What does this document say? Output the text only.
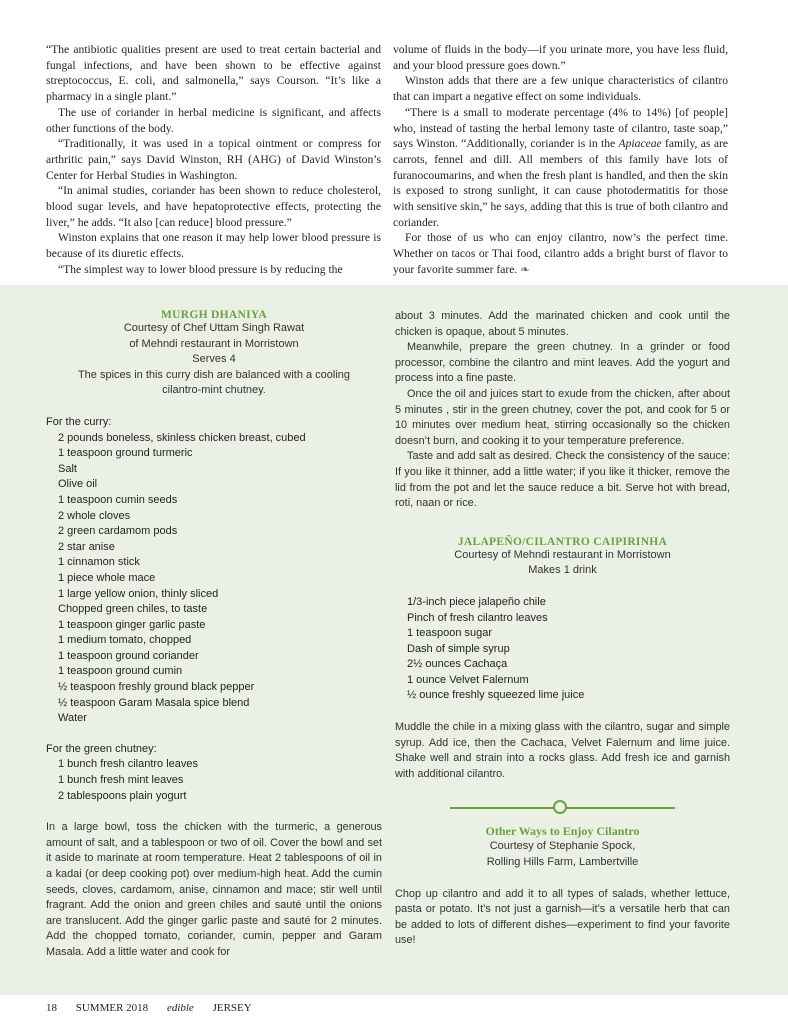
“The antibiotic qualities present are used to treat certain bacterial and fungal infections, and have been shown to be effective against streptococcus, E. coli, and salmonella,” says Courson. “It’s like a pharmacy in a single plant.”

The use of coriander in herbal medicine is significant, and affects other functions of the body.

“Traditionally, it was used in a topical ointment or compress for arthritic pain,” says David Winston, RH (AHG) of David Winston’s Center for Herbal Studies in Washington.

“In animal studies, coriander has been shown to reduce cholesterol, blood sugar levels, and have hepatoprotective effects, protecting the liver,” he adds. “It also [can reduce] blood pressure.”

Winston explains that one reason it may help lower blood pressure is because of its diuretic effects.

“The simplest way to lower blood pressure is by reducing the

volume of fluids in the body—if you urinate more, you have less fluid, and your blood pressure goes down.”

Winston adds that there are a few unique characteristics of cilantro that can impart a negative effect on some individuals.

“There is a small to moderate percentage (4% to 14%) [of people] who, instead of tasting the herbal lemony taste of cilantro, taste soap,” says Winston. “Additionally, coriander is in the Apiaceae family, as are carrots, fennel and dill. All members of this family have lots of furanocoumarins, and when the fresh plant is handled, and then the skin is exposed to strong sunlight, it can cause photodermatitis for those with sensitive skin,” he says, adding that this is true of both cilantro and coriander.

For those of us who can enjoy cilantro, now’s the perfect time. Whether on tacos or Thai food, cilantro adds a bright burst of flavor to your favorite summer fare. ❧

MURGH DHANIYA

Courtesy of Chef Uttam Singh Rawat

of Mehndi restaurant in Morristown

Serves 4

The spices in this curry dish are balanced with a cooling cilantro-mint chutney.

For the curry:

2 pounds boneless, skinless chicken breast, cubed
1 teaspoon ground turmeric
Salt
Olive oil
1 teaspoon cumin seeds
2 whole cloves
2 green cardamom pods
2 star anise
1 cinnamon stick
1 piece whole mace
1 large yellow onion, thinly sliced
Chopped green chiles, to taste
1 teaspoon ginger garlic paste
1 medium tomato, chopped
1 teaspoon ground coriander
1 teaspoon ground cumin
½ teaspoon freshly ground black pepper
½ teaspoon Garam Masala spice blend
Water

For the green chutney:

1 bunch fresh cilantro leaves
1 bunch fresh mint leaves
2 tablespoons plain yogurt

In a large bowl, toss the chicken with the turmeric, a generous amount of salt, and a tablespoon or two of oil. Cover the bowl and set it aside to marinate at room temperature. Heat 2 tablespoons of oil in a kadai (or deep cooking pot) over medium-high heat. Add the cumin seeds, cloves, cardamom, anise, cinnamon and mace; stir well until fragrant. Add the onion and green chiles and sauté until the onions are translucent. Add the ginger garlic paste and sauté for 2 minutes. Add the chopped tomato, coriander, cumin, pepper and Garam Masala. Add a little water and cook for

about 3 minutes. Add the marinated chicken and cook until the chicken is opaque, about 5 minutes.

Meanwhile, prepare the green chutney. In a grinder or food processor, combine the cilantro and mint leaves. Add the yogurt and process into a fine paste.

Once the oil and juices start to exude from the chicken, after about 5 minutes , stir in the green chutney, cover the pot, and cook for 5 or 10 minutes over medium heat, stirring occasionally so the chicken doesn’t burn, and cooking it to your temperature preference.

Taste and add salt as desired. Check the consistency of the sauce: If you like it thinner, add a little water; if you like it thicker, remove the lid from the pot and let the sauce reduce a bit. Serve hot with bread, roti, naan or rice.

JALAPEÑO/CILANTRO CAIPIRINHA

Courtesy of Mehndi restaurant in Morristown

Makes 1 drink

1/3-inch piece jalapeño chile
Pinch of fresh cilantro leaves
1 teaspoon sugar
Dash of simple syrup
2½ ounces Cachaça
1 ounce Velvet Falernum
½ ounce freshly squeezed lime juice

Muddle the chile in a mixing glass with the cilantro, sugar and simple syrup. Add ice, then the Cachaca, Velvet Falernum and lime juice. Shake well and strain into a rocks glass. Add fresh ice and garnish with additional cilantro.

Other Ways to Enjoy Cilantro

Courtesy of Stephanie Spock,

Rolling Hills Farm, Lambertville

Chop up cilantro and add it to all types of salads, whether lettuce, pasta or potato. It’s not just a garnish—it’s a versatile herb that can be added to lots of different dishes—experiment to find your favorite use!

18 SUMMER 2018 edible JERSEY
